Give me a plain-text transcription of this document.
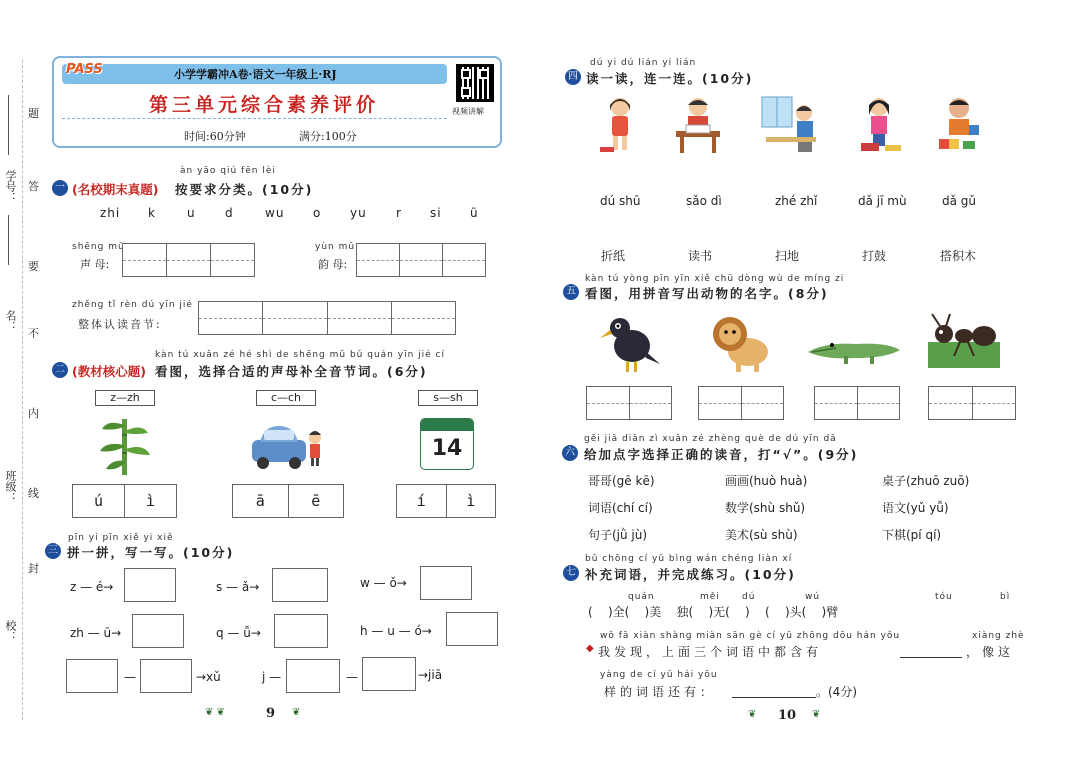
题
答
学号：
要
名：
不
内
班级： 线
封
校：
PASS	小学学霸冲A卷·语文一年级上·RJ
第三单元综合素养评价
时间:60分钟	满分:100分
视频讲解
àn yāo qiú fēn lèi
一 (名校期末真题) 按要求分类。(10分)
zhi k	u d	wu o yu r si ü
shēng mǔ
声 母:
yùn mǔ
韵 母:
zhěng tǐ rèn dú yīn jié
整体认读音节:
kàn tú xuǎn zé hé shì de shēng mǔ bǔ quán yīn jié cí
二 (教材核心题) 看图，选择合适的声母补全音节词。(6分)
z—zh	c—ch	s—sh
14
ú	ì	ā	ē	í	ì
pīn yi pīn xiě yi xiě
三 拼一拼，写一写。(10分)
z — é→	s — ǎ→	w — ǒ→
zh — ū→	q — ǚ→	h — u — ó→
—	→xǔ	j —	—	→jiā
❦ ❦	9 ❦
dú yi dú lián yi lián
四 读一读，连一连。(10分)
dú shū	sǎo dì	zhé zhǐ	dǎ jī mù	dǎ gǔ
折纸	读书	扫地	打鼓	搭积木
kàn tú yòng pīn yīn xiě chū dòng wù de míng zi
五 看图，用拼音写出动物的名字。(8分)
gěi jiā diǎn zì xuǎn zé zhèng què de dú yīn dǎ
六 给加点字选择正确的读音，打“√”。(9分)
哥哥(gē kē)	画画(huò huà)	桌子(zhuō zuō)
词语(chí cí)	数学(shù shǔ)	语文(yǔ yǚ)
句子(jǜ jù)	美术(sù shù)	下棋(pí qí)
bǔ chōng cí yǔ bìng wán chéng liàn xí
七 补充词语，并完成练习。(10分)
quán	měi dú	wú	tóu	bì
(    )全(    )美    独(    )无(    )    (    )头(    )臂
wǒ fā xiàn shàng miàn sān gè cí yǔ zhōng dōu hán yǒu	xiàng zhè
◆ 我发现，上面三个词语中都含有	，像这
yàng de cí yǔ hái yǒu
样的词语还有：	。(4分)
❦ 10 ❦
